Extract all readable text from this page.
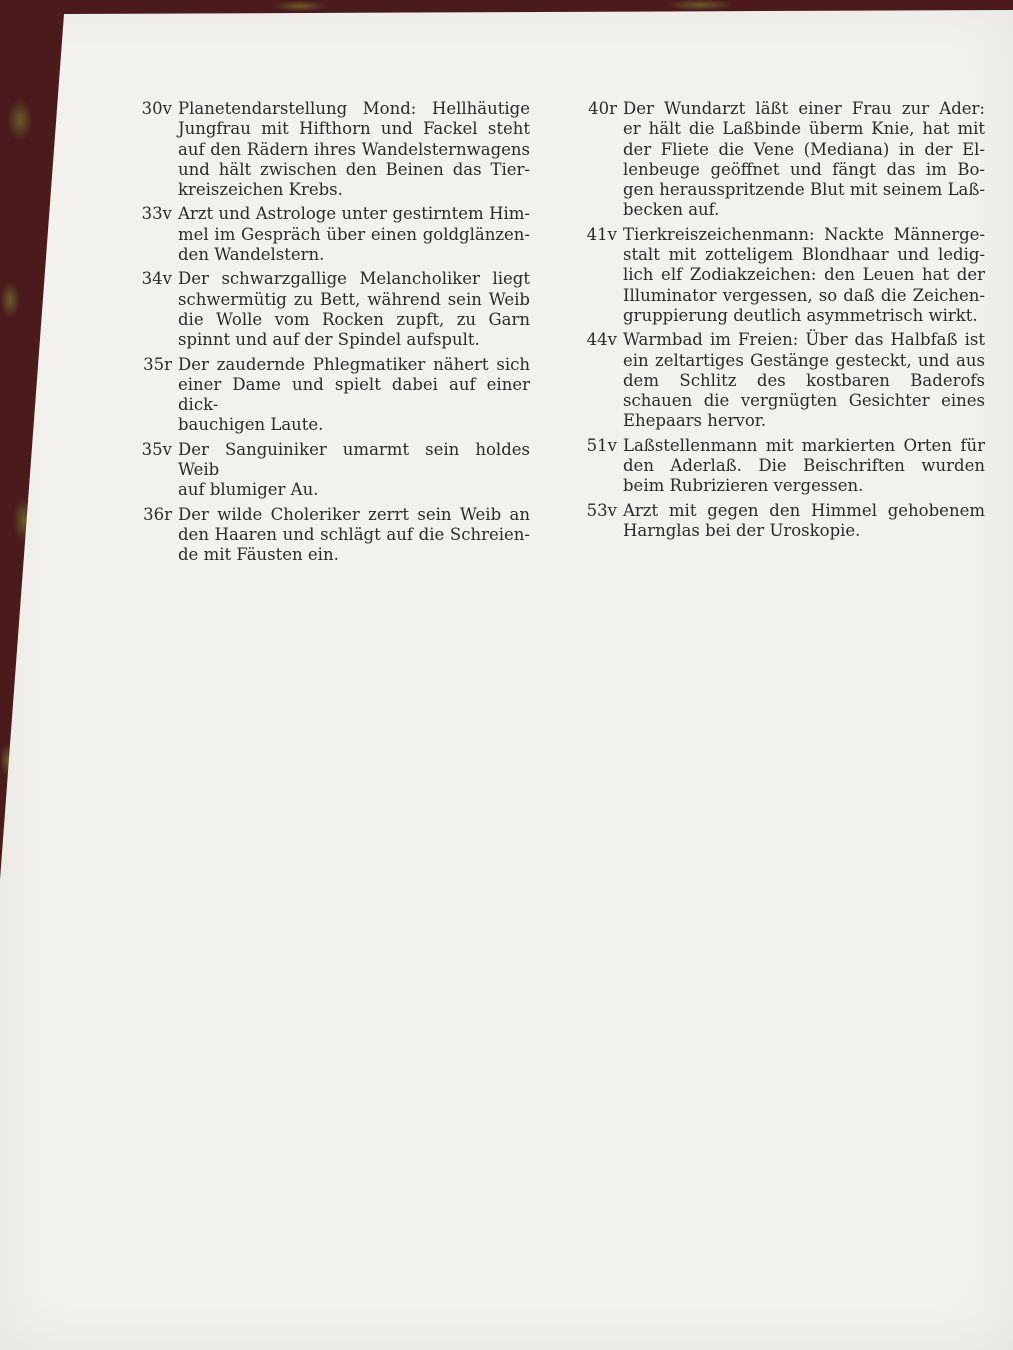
30v Planetendarstellung Mond: Hellhäutige
Jungfrau mit Hifthorn und Fackel steht
auf den Rädern ihres Wandelsternwagens
und hält zwischen den Beinen das Tier-
kreiszeichen Krebs.
33v Arzt und Astrologe unter gestirntem Him-
mel im Gespräch über einen goldglänzen-
den Wandelstern.
34v Der schwarzgallige Melancholiker liegt
schwermütig zu Bett, während sein Weib
die Wolle vom Rocken zupft, zu Garn
spinnt und auf der Spindel aufspult.
35r Der zaudernde Phlegmatiker nähert sich
einer Dame und spielt dabei auf einer dick-
bauchigen Laute.
35v Der Sanguiniker umarmt sein holdes Weib
auf blumiger Au.
36r Der wilde Choleriker zerrt sein Weib an
den Haaren und schlägt auf die Schreien-
de mit Fäusten ein.
40r Der Wundarzt läßt einer Frau zur Ader:
er hält die Laßbinde überm Knie, hat mit
der Fliete die Vene (Mediana) in der El-
lenbeuge geöffnet und fängt das im Bo-
gen herausspritzende Blut mit seinem Laß-
becken auf.
41v Tierkreiszeichenmann: Nackte Männerge-
stalt mit zotteligem Blondhaar und ledig-
lich elf Zodiakzeichen: den Leuen hat der
Illuminator vergessen, so daß die Zeichen-
gruppierung deutlich asymmetrisch wirkt.
44v Warmbad im Freien: Über das Halbfaß ist
ein zeltartiges Gestänge gesteckt, und aus
dem Schlitz des kostbaren Baderofs
schauen die vergnügten Gesichter eines
Ehepaars hervor.
51v Laßstellenmann mit markierten Orten für
den Aderlaß. Die Beischriften wurden
beim Rubrizieren vergessen.
53v Arzt mit gegen den Himmel gehobenem
Harnglas bei der Uroskopie.
